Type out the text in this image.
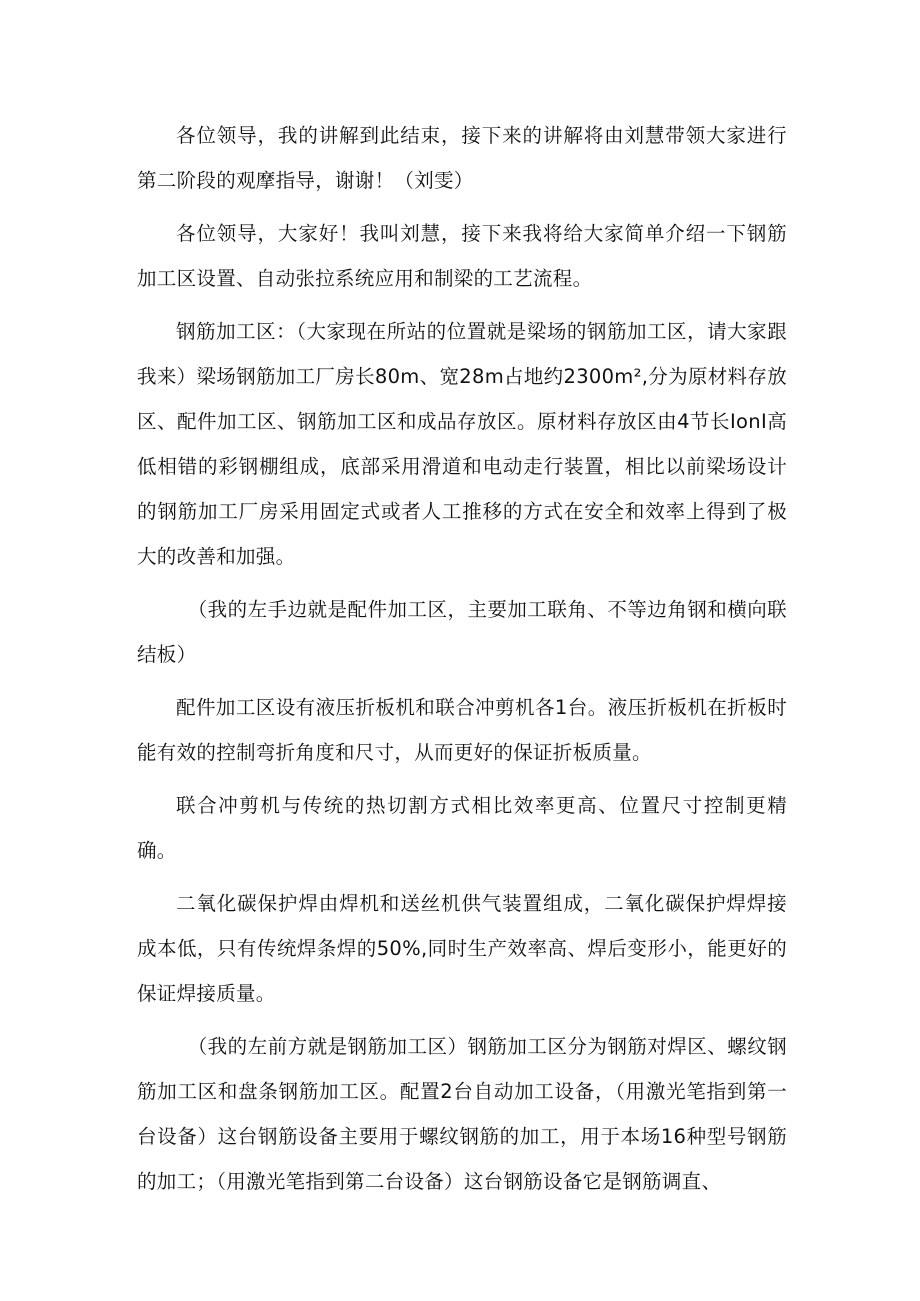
各位领导，我的讲解到此结束，接下来的讲解将由刘慧带领大家进行第二阶段的观摩指导，谢谢！（刘雯）

各位领导，大家好！我叫刘慧，接下来我将给大家简单介绍一下钢筋加工区设置、自动张拉系统应用和制梁的工艺流程。

钢筋加工区：（大家现在所站的位置就是梁场的钢筋加工区，请大家跟我来）梁场钢筋加工厂房长80m、宽28m占地约2300m²,分为原材料存放区、配件加工区、钢筋加工区和成品存放区。原材料存放区由4节长IonI高低相错的彩钢棚组成，底部采用滑道和电动走行装置，相比以前梁场设计的钢筋加工厂房采用固定式或者人工推移的方式在安全和效率上得到了极大的改善和加强。

（我的左手边就是配件加工区，主要加工联角、不等边角钢和横向联结板）

配件加工区设有液压折板机和联合冲剪机各1台。液压折板机在折板时能有效的控制弯折角度和尺寸，从而更好的保证折板质量。

联合冲剪机与传统的热切割方式相比效率更高、位置尺寸控制更精确。

二氧化碳保护焊由焊机和送丝机供气装置组成，二氧化碳保护焊焊接成本低，只有传统焊条焊的50%,同时生产效率高、焊后变形小，能更好的保证焊接质量。

（我的左前方就是钢筋加工区）钢筋加工区分为钢筋对焊区、螺纹钢筋加工区和盘条钢筋加工区。配置2台自动加工设备，（用激光笔指到第一台设备）这台钢筋设备主要用于螺纹钢筋的加工，用于本场16种型号钢筋的加工；（用激光笔指到第二台设备）这台钢筋设备它是钢筋调直、
